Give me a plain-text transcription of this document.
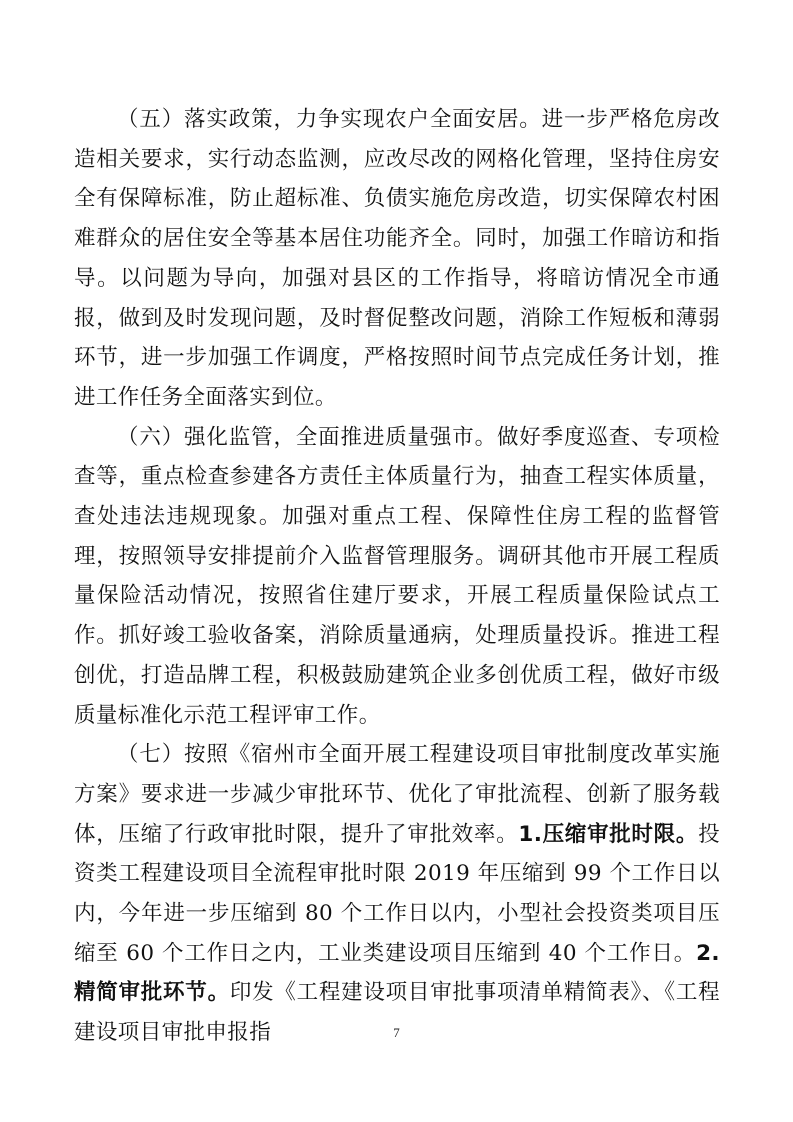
（五）落实政策，力争实现农户全面安居。进一步严格危房改造相关要求，实行动态监测，应改尽改的网格化管理，坚持住房安全有保障标准，防止超标准、负债实施危房改造，切实保障农村困难群众的居住安全等基本居住功能齐全。同时，加强工作暗访和指导。以问题为导向，加强对县区的工作指导，将暗访情况全市通报，做到及时发现问题，及时督促整改问题，消除工作短板和薄弱环节，进一步加强工作调度，严格按照时间节点完成任务计划，推进工作任务全面落实到位。

（六）强化监管，全面推进质量强市。做好季度巡查、专项检查等，重点检查参建各方责任主体质量行为，抽查工程实体质量，查处违法违规现象。加强对重点工程、保障性住房工程的监督管理，按照领导安排提前介入监督管理服务。调研其他市开展工程质量保险活动情况，按照省住建厅要求，开展工程质量保险试点工作。抓好竣工验收备案，消除质量通病，处理质量投诉。推进工程创优，打造品牌工程，积极鼓励建筑企业多创优质工程，做好市级质量标准化示范工程评审工作。

（七）按照《宿州市全面开展工程建设项目审批制度改革实施方案》要求进一步减少审批环节、优化了审批流程、创新了服务载体，压缩了行政审批时限，提升了审批效率。1.压缩审批时限。投资类工程建设项目全流程审批时限 2019 年压缩到 99 个工作日以内，今年进一步压缩到 80 个工作日以内，小型社会投资类项目压缩至 60 个工作日之内，工业类建设项目压缩到 40 个工作日。2.精简审批环节。印发《工程建设项目审批事项清单精简表》、《工程建设项目审批申报指	7
